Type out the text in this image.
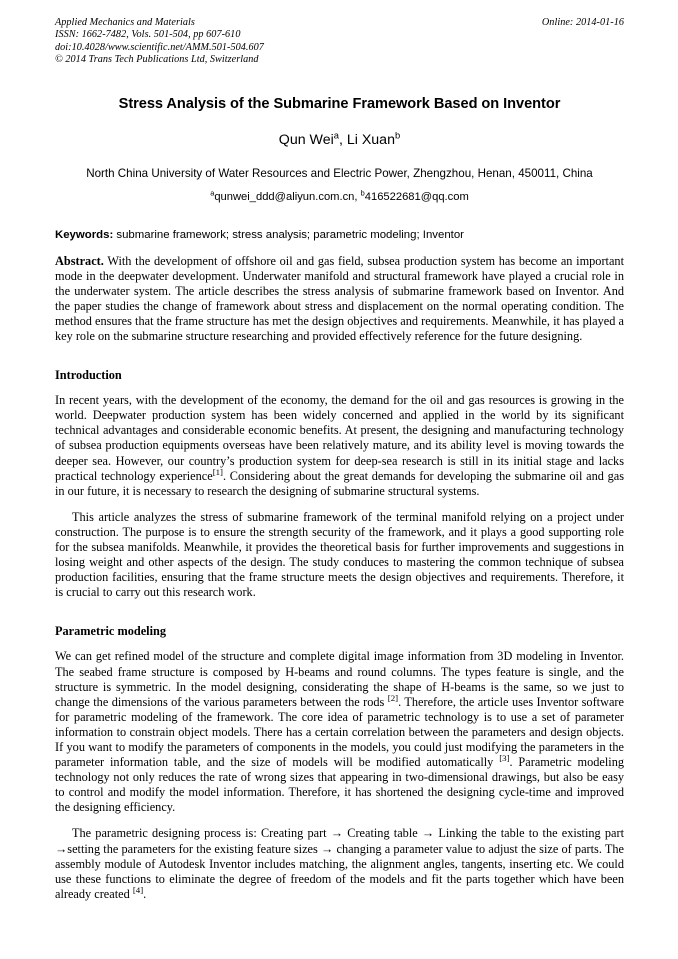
Applied Mechanics and Materials
ISSN: 1662-7482, Vols. 501-504, pp 607-610
doi:10.4028/www.scientific.net/AMM.501-504.607
© 2014 Trans Tech Publications Ltd, Switzerland
Online: 2014-01-16
Stress Analysis of the Submarine Framework Based on Inventor
Qun Wei$^a$, Li Xuan$^b$
North China University of Water Resources and Electric Power, Zhengzhou, Henan, 450011, China
$^a$qunwei_ddd@aliyun.com.cn, $^b$416522681@qq.com
Keywords: submarine framework; stress analysis; parametric modeling; Inventor
Abstract. With the development of offshore oil and gas field, subsea production system has become an important mode in the deepwater development. Underwater manifold and structural framework have played a crucial role in the underwater system. The article describes the stress analysis of submarine framework based on Inventor. And the paper studies the change of framework about stress and displacement on the normal operating condition. The method ensures that the frame structure has met the design objectives and requirements. Meanwhile, it has played a key role on the submarine structure researching and provided effectively reference for the future designing.
Introduction
In recent years, with the development of the economy, the demand for the oil and gas resources is growing in the world. Deepwater production system has been widely concerned and applied in the world by its significant technical advantages and considerable economic benefits. At present, the designing and manufacturing technology of subsea production equipments overseas have been relatively mature, and its ability level is moving towards the deeper sea. However, our country’s production system for deep-sea research is still in its initial stage and lacks practical technology experience[1]. Considering about the great demands for developing the submarine oil and gas in our future, it is necessary to research the designing of submarine structural systems.
This article analyzes the stress of submarine framework of the terminal manifold relying on a project under construction. The purpose is to ensure the strength security of the framework, and it plays a good supporting role for the subsea manifolds. Meanwhile, it provides the theoretical basis for further improvements and suggestions in losing weight and other aspects of the design. The study conduces to mastering the common technique of subsea production facilities, ensuring that the frame structure meets the design objectives and requirements. Therefore, it is crucial to carry out this research work.
Parametric modeling
We can get refined model of the structure and complete digital image information from 3D modeling in Inventor. The seabed frame structure is composed by H-beams and round columns. The types feature is single, and the structure is symmetric. In the model designing, considerating the shape of H-beams is the same, so we just to change the dimensions of the various parameters between the rods [2]. Therefore, the article uses Inventor software for parametric modeling of the framework. The core idea of parametric technology is to use a set of parameter information to constrain object models. There has a certain correlation between the parameters and design objects. If you want to modify the parameters of components in the models, you could just modifying the parameters in the parameter information table, and the size of models will be modified automatically [3]. Parametric modeling technology not only reduces the rate of wrong sizes that appearing in two-dimensional drawings, but also be easy to control and modify the model information. Therefore, it has shortened the designing cycle-time and improved the designing efficiency.
The parametric designing process is: Creating part → Creating table → Linking the table to the existing part →setting the parameters for the existing feature sizes → changing a parameter value to adjust the size of parts. The assembly module of Autodesk Inventor includes matching, the alignment angles, tangents, inserting etc. We could use these functions to eliminate the degree of freedom of the models and fit the parts together which have been already created [4].
